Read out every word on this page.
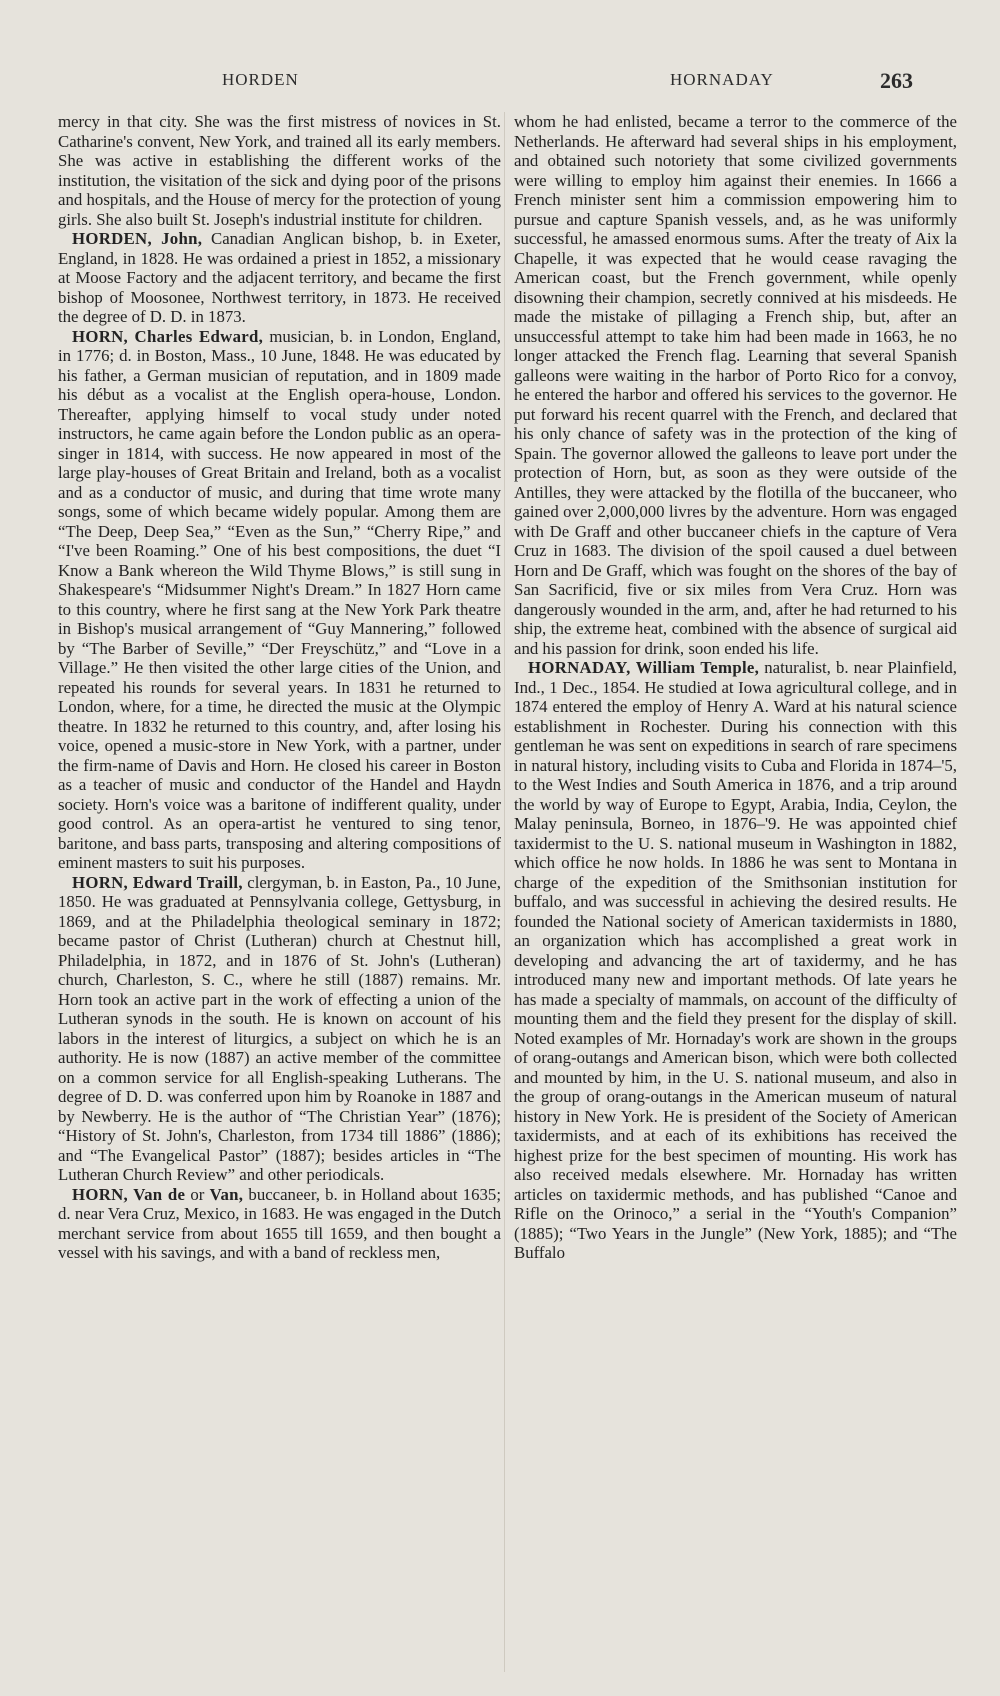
HORDEN	HORNADAY	263

mercy in that city. She was the first mistress of novices in St. Catharine's convent, New York, and trained all its early members. She was active in establishing the different works of the institution, the visitation of the sick and dying poor of the prisons and hospitals, and the House of mercy for the protection of young girls. She also built St. Joseph's industrial institute for children.

HORDEN, John, Canadian Anglican bishop, b. in Exeter, England, in 1828. He was ordained a priest in 1852, a missionary at Moose Factory and the adjacent territory, and became the first bishop of Moosonee, Northwest territory, in 1873. He received the degree of D. D. in 1873.

HORN, Charles Edward, musician, b. in London, England, in 1776; d. in Boston, Mass., 10 June, 1848. He was educated by his father, a German musician of reputation, and in 1809 made his début as a vocalist at the English opera-house, London. Thereafter, applying himself to vocal study under noted instructors, he came again before the London public as an opera-singer in 1814, with success. He now appeared in most of the large play-houses of Great Britain and Ireland, both as a vocalist and as a conductor of music, and during that time wrote many songs, some of which became widely popular. Among them are “The Deep, Deep Sea,” “Even as the Sun,” “Cherry Ripe,” and “I've been Roaming.” One of his best compositions, the duet “I Know a Bank whereon the Wild Thyme Blows,” is still sung in Shakespeare's “Midsummer Night's Dream.” In 1827 Horn came to this country, where he first sang at the New York Park theatre in Bishop's musical arrangement of “Guy Mannering,” followed by “The Barber of Seville,” “Der Freyschütz,” and “Love in a Village.” He then visited the other large cities of the Union, and repeated his rounds for several years. In 1831 he returned to London, where, for a time, he directed the music at the Olympic theatre. In 1832 he returned to this country, and, after losing his voice, opened a music-store in New York, with a partner, under the firm-name of Davis and Horn. He closed his career in Boston as a teacher of music and conductor of the Handel and Haydn society. Horn's voice was a baritone of indifferent quality, under good control. As an opera-artist he ventured to sing tenor, baritone, and bass parts, transposing and altering compositions of eminent masters to suit his purposes.

HORN, Edward Traill, clergyman, b. in Easton, Pa., 10 June, 1850. He was graduated at Pennsylvania college, Gettysburg, in 1869, and at the Philadelphia theological seminary in 1872; became pastor of Christ (Lutheran) church at Chestnut hill, Philadelphia, in 1872, and in 1876 of St. John's (Lutheran) church, Charleston, S. C., where he still (1887) remains. Mr. Horn took an active part in the work of effecting a union of the Lutheran synods in the south. He is known on account of his labors in the interest of liturgics, a subject on which he is an authority. He is now (1887) an active member of the committee on a common service for all English-speaking Lutherans. The degree of D. D. was conferred upon him by Roanoke in 1887 and by Newberry. He is the author of “The Christian Year” (1876); “History of St. John's, Charleston, from 1734 till 1886” (1886); and “The Evangelical Pastor” (1887); besides articles in “The Lutheran Church Review” and other periodicals.

HORN, Van de or Van, buccaneer, b. in Holland about 1635; d. near Vera Cruz, Mexico, in 1683. He was engaged in the Dutch merchant service from about 1655 till 1659, and then bought a vessel with his savings, and with a band of reckless men,

whom he had enlisted, became a terror to the commerce of the Netherlands. He afterward had several ships in his employment, and obtained such notoriety that some civilized governments were willing to employ him against their enemies. In 1666 a French minister sent him a commission empowering him to pursue and capture Spanish vessels, and, as he was uniformly successful, he amassed enormous sums. After the treaty of Aix la Chapelle, it was expected that he would cease ravaging the American coast, but the French government, while openly disowning their champion, secretly connived at his misdeeds. He made the mistake of pillaging a French ship, but, after an unsuccessful attempt to take him had been made in 1663, he no longer attacked the French flag. Learning that several Spanish galleons were waiting in the harbor of Porto Rico for a convoy, he entered the harbor and offered his services to the governor. He put forward his recent quarrel with the French, and declared that his only chance of safety was in the protection of the king of Spain. The governor allowed the galleons to leave port under the protection of Horn, but, as soon as they were outside of the Antilles, they were attacked by the flotilla of the buccaneer, who gained over 2,000,000 livres by the adventure. Horn was engaged with De Graff and other buccaneer chiefs in the capture of Vera Cruz in 1683. The division of the spoil caused a duel between Horn and De Graff, which was fought on the shores of the bay of San Sacrificid, five or six miles from Vera Cruz. Horn was dangerously wounded in the arm, and, after he had returned to his ship, the extreme heat, combined with the absence of surgical aid and his passion for drink, soon ended his life.

HORNADAY, William Temple, naturalist, b. near Plainfield, Ind., 1 Dec., 1854. He studied at Iowa agricultural college, and in 1874 entered the employ of Henry A. Ward at his natural science establishment in Rochester. During his connection with this gentleman he was sent on expeditions in search of rare specimens in natural history, including visits to Cuba and Florida in 1874–'5, to the West Indies and South America in 1876, and a trip around the world by way of Europe to Egypt, Arabia, India, Ceylon, the Malay peninsula, Borneo, in 1876–'9. He was appointed chief taxidermist to the U. S. national museum in Washington in 1882, which office he now holds. In 1886 he was sent to Montana in charge of the expedition of the Smithsonian institution for buffalo, and was successful in achieving the desired results. He founded the National society of American taxidermists in 1880, an organization which has accomplished a great work in developing and advancing the art of taxidermy, and he has introduced many new and important methods. Of late years he has made a specialty of mammals, on account of the difficulty of mounting them and the field they present for the display of skill. Noted examples of Mr. Hornaday's work are shown in the groups of orang-outangs and American bison, which were both collected and mounted by him, in the U. S. national museum, and also in the group of orang-outangs in the American museum of natural history in New York. He is president of the Society of American taxidermists, and at each of its exhibitions has received the highest prize for the best specimen of mounting. His work has also received medals elsewhere. Mr. Hornaday has written articles on taxidermic methods, and has published “Canoe and Rifle on the Orinoco,” a serial in the “Youth's Companion” (1885); “Two Years in the Jungle” (New York, 1885); and “The Buffalo
